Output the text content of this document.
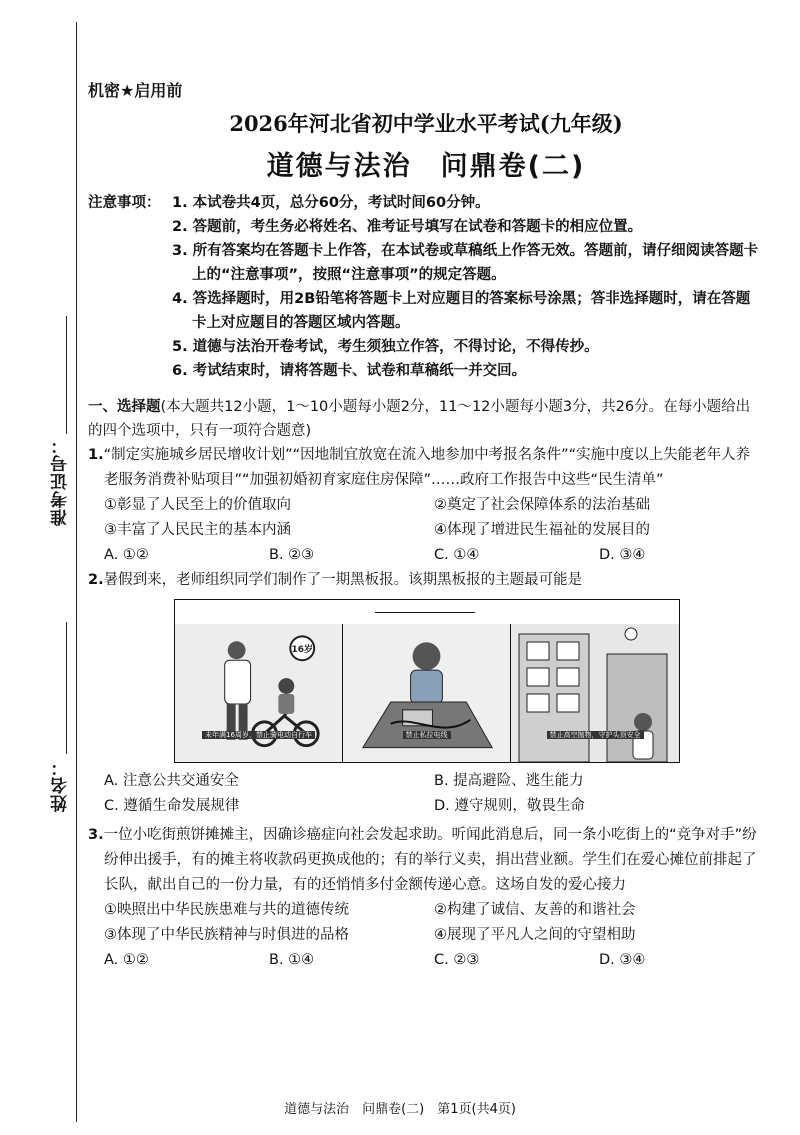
准考证号：
姓名：
机密★启用前
2026年河北省初中学业水平考试(九年级)
道德与法治　问鼎卷(二)
注意事项： 1. 本试卷共4页，总分60分，考试时间60分钟。
2. 答题前，考生务必将姓名、准考证号填写在试卷和答题卡的相应位置。
3. 所有答案均在答题卡上作答，在本试卷或草稿纸上作答无效。答题前，请仔细阅读答题卡上的“注意事项”，按照“注意事项”的规定答题。
4. 答选择题时，用2B铅笔将答题卡上对应题目的答案标号涂黑；答非选择题时，请在答题卡上对应题目的答题区域内答题。
5. 道德与法治开卷考试，考生须独立作答，不得讨论，不得传抄。
6. 考试结束时，请将答题卡、试卷和草稿纸一并交回。
一、选择题(本大题共12小题，1～10小题每小题2分，11～12小题每小题3分，共26分。在每小题给出的四个选项中，只有一项符合题意)
1.“制定实施城乡居民增收计划”“因地制宜放宽在流入地参加中考报名条件”“实施中度以上失能老年人养老服务消费补贴项目”“加强初婚初育家庭住房保障”……政府工作报告中这些“民生清单”
①彰显了人民至上的价值取向	②奠定了社会保障体系的法治基础
③丰富了人民民主的基本内涵	④体现了增进民生福祉的发展目的
A. ①②	B. ②③	C. ①④	D. ③④
2.暑假到来，老师组织同学们制作了一期黑板报。该期黑板报的主题最可能是
16岁
未年满16周岁，禁止骑电动自行车	禁止私拉电线	禁止高空抛物，守护头顶安全
A. 注意公共交通安全	B. 提高避险、逃生能力
C. 遵循生命发展规律	D. 遵守规则，敬畏生命
3.一位小吃街煎饼摊摊主，因确诊癌症向社会发起求助。听闻此消息后，同一条小吃街上的“竞争对手”纷纷伸出援手，有的摊主将收款码更换成他的；有的举行义卖，捐出营业额。学生们在爱心摊位前排起了长队，献出自己的一份力量，有的还悄悄多付金额传递心意。这场自发的爱心接力
①映照出中华民族患难与共的道德传统	②构建了诚信、友善的和谐社会
③体现了中华民族精神与时俱进的品格	④展现了平凡人之间的守望相助
A. ①②	B. ①④	C. ②③	D. ③④
道德与法治　问鼎卷(二)　第1页(共4页)
